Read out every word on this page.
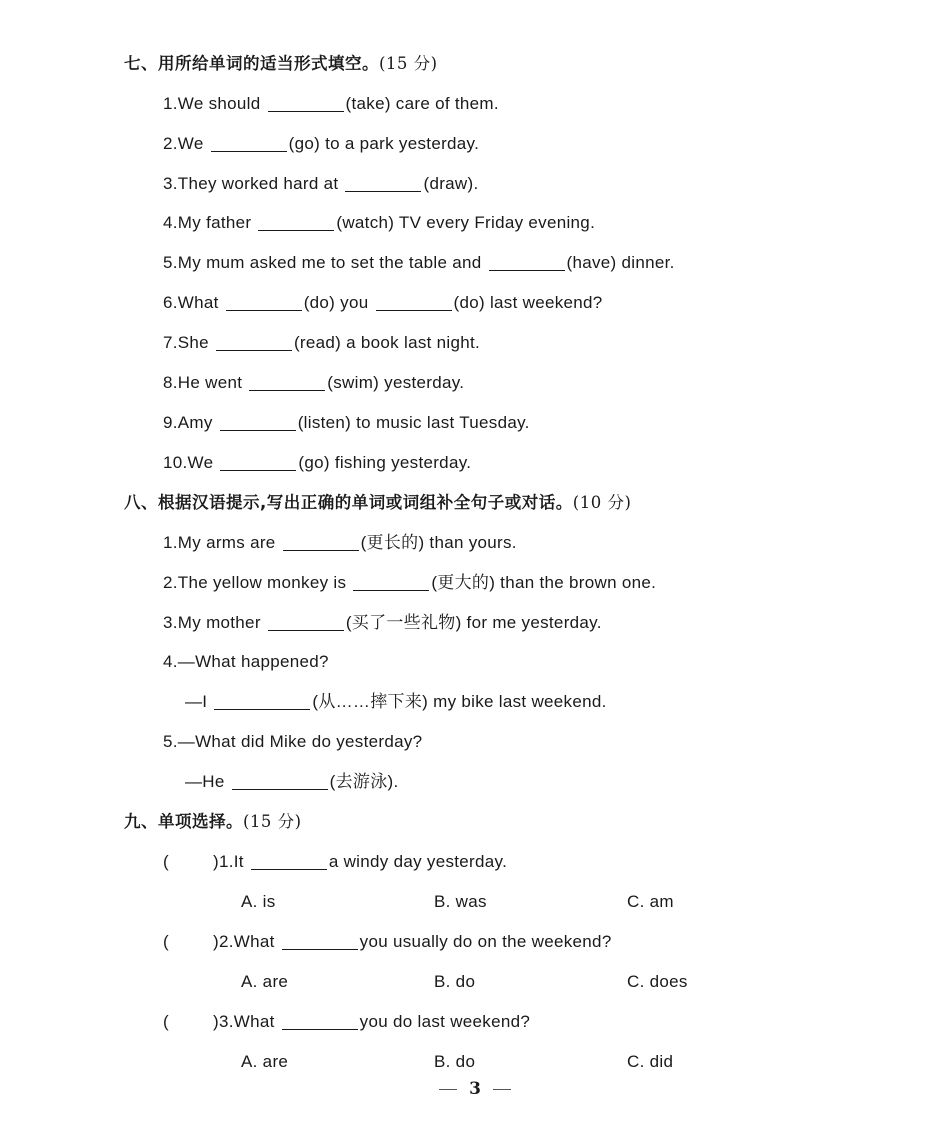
七、用所给单词的适当形式填空。(15 分)
1.We should	(take) care of them.
2.We	(go) to a park yesterday.
3.They worked hard at	(draw).
4.My father	(watch) TV every Friday evening.
5.My mum asked me to set the table and	(have) dinner.
6.What	(do) you	(do) last weekend?
7.She	(read) a book last night.
8.He went	(swim) yesterday.
9.Amy	(listen) to music last Tuesday.
10.We	(go) fishing yesterday.
八、根据汉语提示,写出正确的单词或词组补全句子或对话。(10 分)
1.My arms are	(更长的) than yours.
2.The yellow monkey is	(更大的) than the brown one.
3.My mother	(买了一些礼物) for me yesterday.
4.—What happened?
—I	(从……摔下来) my bike last weekend.
5.—What did Mike do yesterday?
—He	(去游泳).
九、单项选择。(15 分)
(	)1.It	a windy day yesterday.
A. is	B. was	C. am
(	)2.What	you usually do on the weekend?
A. are	B. do	C. does
(	)3.What	you do last weekend?
A. are	B. do	C. did
3
